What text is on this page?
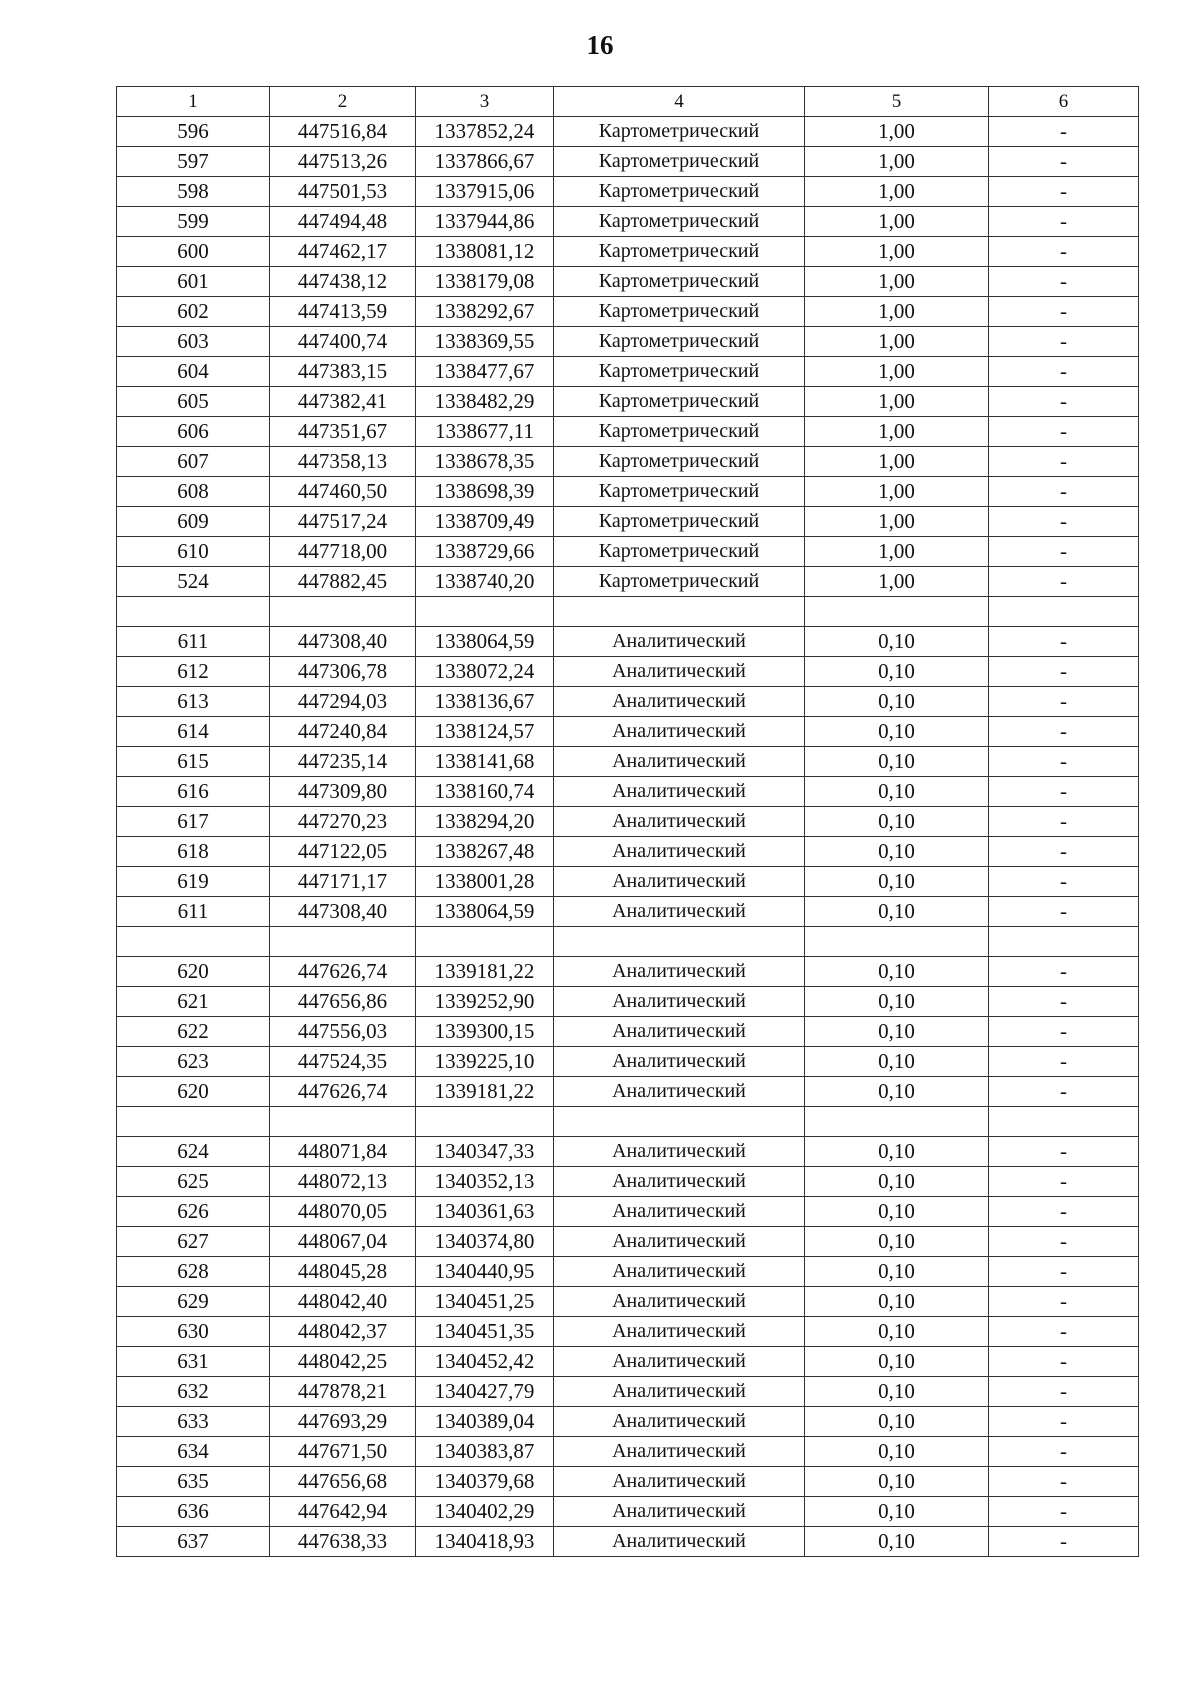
16
1	2	3	4	5	6
596	447516,84	1337852,24	Картометрический	1,00	-
597	447513,26	1337866,67	Картометрический	1,00	-
598	447501,53	1337915,06	Картометрический	1,00	-
599	447494,48	1337944,86	Картометрический	1,00	-
600	447462,17	1338081,12	Картометрический	1,00	-
601	447438,12	1338179,08	Картометрический	1,00	-
602	447413,59	1338292,67	Картометрический	1,00	-
603	447400,74	1338369,55	Картометрический	1,00	-
604	447383,15	1338477,67	Картометрический	1,00	-
605	447382,41	1338482,29	Картометрический	1,00	-
606	447351,67	1338677,11	Картометрический	1,00	-
607	447358,13	1338678,35	Картометрический	1,00	-
608	447460,50	1338698,39	Картометрический	1,00	-
609	447517,24	1338709,49	Картометрический	1,00	-
610	447718,00	1338729,66	Картометрический	1,00	-
524	447882,45	1338740,20	Картометрический	1,00	-

611	447308,40	1338064,59	Аналитический	0,10	-
612	447306,78	1338072,24	Аналитический	0,10	-
613	447294,03	1338136,67	Аналитический	0,10	-
614	447240,84	1338124,57	Аналитический	0,10	-
615	447235,14	1338141,68	Аналитический	0,10	-
616	447309,80	1338160,74	Аналитический	0,10	-
617	447270,23	1338294,20	Аналитический	0,10	-
618	447122,05	1338267,48	Аналитический	0,10	-
619	447171,17	1338001,28	Аналитический	0,10	-
611	447308,40	1338064,59	Аналитический	0,10	-

620	447626,74	1339181,22	Аналитический	0,10	-
621	447656,86	1339252,90	Аналитический	0,10	-
622	447556,03	1339300,15	Аналитический	0,10	-
623	447524,35	1339225,10	Аналитический	0,10	-
620	447626,74	1339181,22	Аналитический	0,10	-

624	448071,84	1340347,33	Аналитический	0,10	-
625	448072,13	1340352,13	Аналитический	0,10	-
626	448070,05	1340361,63	Аналитический	0,10	-
627	448067,04	1340374,80	Аналитический	0,10	-
628	448045,28	1340440,95	Аналитический	0,10	-
629	448042,40	1340451,25	Аналитический	0,10	-
630	448042,37	1340451,35	Аналитический	0,10	-
631	448042,25	1340452,42	Аналитический	0,10	-
632	447878,21	1340427,79	Аналитический	0,10	-
633	447693,29	1340389,04	Аналитический	0,10	-
634	447671,50	1340383,87	Аналитический	0,10	-
635	447656,68	1340379,68	Аналитический	0,10	-
636	447642,94	1340402,29	Аналитический	0,10	-
637	447638,33	1340418,93	Аналитический	0,10	-
